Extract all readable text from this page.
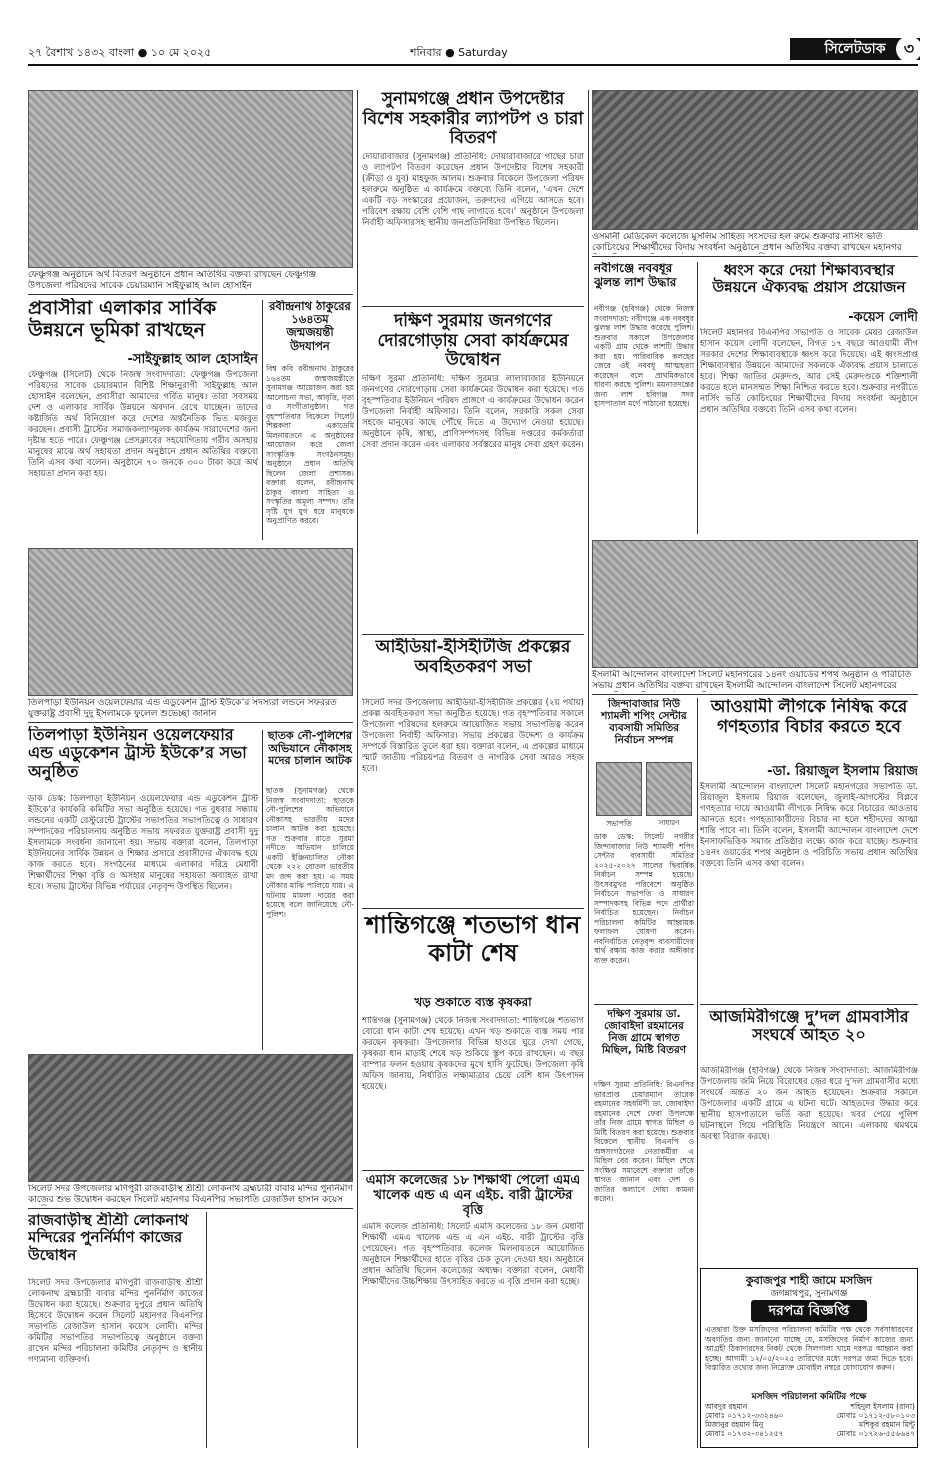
২৭ বৈশাখ ১৪৩২ বাংলা ● ১০ মে ২০২৫	শনিবার ● Saturday	সিলেটডাক	৩
ফেঞ্চুগঞ্জ অনুষ্ঠানে অর্থ বিতরণ অনুষ্ঠানে প্রধান অতিথির বক্তব্য রাখছেন ফেঞ্চুগঞ্জ উপজেলা পরিষদের সাবেক চেয়ারম্যান সাইফুল্লাহ আল হোসাইন
প্রবাসীরা এলাকার সার্বিক উন্নয়নে ভূমিকা রাখছেন
-সাইফুল্লাহ আল হোসাইন
ফেঞ্চুগঞ্জ (সিলেট) থেকে নিজস্ব সংবাদদাতা: ফেঞ্চুগঞ্জ উপজেলা পরিষদের সাবেক চেয়ারম্যান বিশিষ্ট শিক্ষানুরাগী সাইফুল্লাহ আল হোসাইন বলেছেন, প্রবাসীরা আমাদের গর্বিত মানুষ। তারা সবসময় দেশ ও এলাকার সার্বিক উন্নয়নে অবদান রেখে যাচ্ছেন। তাদের কষ্টার্জিত অর্থ বিনিয়োগ করে দেশের অর্থনৈতিক ভিত মজবুত করছেন। প্রবাসী ট্রাস্টের সমাজকল্যাণমূলক কার্যক্রম সারাদেশের জন্য দৃষ্টান্ত হতে পারে। ফেঞ্চুগঞ্জ প্রেসক্লাবের সহযোগিতায় গরীব অসহায় মানুষের মাঝে অর্থ সহায়তা প্রদান অনুষ্ঠানে প্রধান অতিথির বক্তব্যে তিনি এসব কথা বলেন। অনুষ্ঠানে ৭০ জনকে ৩০০ টাকা করে অর্থ সহায়তা প্রদান করা হয়।
তিলপাড়া ইউনিয়ন ওয়েলফেয়ার এন্ড এডুকেশন ট্রাস্ট ইউকে’র সদস্যরা লন্ডনে সফররত যুক্তরাষ্ট্র প্রবাসী দুদু ইসলামকে ফুলেল শুভেচ্ছা জানান
তিলপাড়া ইউনিয়ন ওয়েলফেয়ার এন্ড এডুকেশন ট্রাস্ট ইউকে’র সভা অনুষ্ঠিত
ডাক ডেস্ক: তিলপাড়া ইউনিয়ন ওয়েলফেয়ার এন্ড এডুকেশন ট্রাস্ট ইউকে’র কার্যকরি কমিটির সভা অনুষ্ঠিত হয়েছে। গত বুধবার সন্ধ্যায় লন্ডনের একটি রেস্টুরেন্টে ট্রাস্টের সভাপতির সভাপতিত্বে ও সাধারণ সম্পাদকের পরিচালনায় অনুষ্ঠিত সভায় সফররত যুক্তরাষ্ট্র প্রবাসী দুদু ইসলামকে সংবর্ধনা জানানো হয়। সভায় বক্তারা বলেন, তিলপাড়া ইউনিয়নের সার্বিক উন্নয়ন ও শিক্ষার প্রসারে প্রবাসীদের ঐক্যবদ্ধ হয়ে কাজ করতে হবে। সংগঠনের মাধ্যমে এলাকার দরিদ্র মেধাবী শিক্ষার্থীদের শিক্ষা বৃত্তি ও অসহায় মানুষের সহায়তা অব্যাহত রাখা হবে। সভায় ট্রাস্টের বিভিন্ন পর্যায়ের নেতৃবৃন্দ উপস্থিত ছিলেন।
সিলেট সদর উপজেলার মণিপুরী রাজবাড়ীস্থ শ্রীশ্রী লোকনাথ ব্রহ্মচারী বাবার মন্দির পুনর্নির্মাণ কাজের শুভ উদ্বোধন করছেন সিলেট মহানগর বিএনপির সভাপতি রেজাউল হাসান কয়েস
রাজবাড়ীস্থ শ্রীশ্রী লোকনাথ মন্দিরের পুনর্নির্মাণ কাজের উদ্বোধন
সিলেট সদর উপজেলার মণিপুরী রাজবাড়ীস্থ শ্রীশ্রী লোকনাথ ব্রহ্মচারী বাবার মন্দির পুনর্নির্মাণ কাজের উদ্বোধন করা হয়েছে। শুক্রবার দুপুরে প্রধান অতিথি হিসেবে উদ্বোধন করেন সিলেট মহানগর বিএনপির সভাপতি রেজাউল হাসান কয়েস লোদী। মন্দির কমিটির সভাপতির সভাপতিত্বে অনুষ্ঠানে বক্তব্য রাখেন মন্দির পরিচালনা কমিটির নেতৃবৃন্দ ও স্থানীয় গণ্যমান্য ব্যক্তিবর্গ।
রবীন্দ্রনাথ ঠাকুরের ১৬৪তম জন্মজয়ন্তী উদযাপন
বিশ্ব কবি রবীন্দ্রনাথ ঠাকুরের ১৬৪তম জন্মজয়ন্তীতে সুনামগঞ্জ আয়োজন করা হয় আলোচনা সভা, আবৃত্তি, নৃত্য ও সংগীতানুষ্ঠান। গত বৃহস্পতিবার বিকেলে সিলেট শিল্পকলা একাডেমি মিলনায়তনে এ অনুষ্ঠানের আয়োজন করে জেলা সাংস্কৃতিক সংগঠনসমূহ। অনুষ্ঠানে প্রধান অতিথি ছিলেন জেলা প্রশাসক। বক্তারা বলেন, রবীন্দ্রনাথ ঠাকুর বাংলা সাহিত্য ও সংস্কৃতির অমূল্য সম্পদ। তাঁর সৃষ্টি যুগ যুগ ধরে মানুষকে অনুপ্রাণিত করবে।
ছাতক নৌ-পুলিশের অভিযানে নৌকাসহ মদের চালান আটক
ছাতক (সুনামগঞ্জ) থেকে নিজস্ব সংবাদদাতা: ছাতকে নৌ-পুলিশের অভিযানে নৌকাসহ ভারতীয় মদের চালান আটক করা হয়েছে। গত শুক্রবার রাতে সুরমা নদীতে অভিযান চালিয়ে একটি ইঞ্জিনচালিত নৌকা থেকে ২২২ বোতল ভারতীয় মদ জব্দ করা হয়। এ সময় নৌকার মাঝি পালিয়ে যায়। এ ঘটনায় মামলা দায়ের করা হয়েছে বলে জানিয়েছে নৌ-পুলিশ।
সুনামগঞ্জে প্রধান উপদেষ্টার বিশেষ সহকারীর ল্যাপটপ ও চারা বিতরণ
দোয়ারাবাজার (সুনামগঞ্জ) প্রতিনিধি: দোয়ারাবাজারে গাছের চারা ও ল্যাপটপ বিতরণ করেছেন প্রধান উপদেষ্টার বিশেষ সহকারী (ক্রীড়া ও যুব) মাহফুজ আলম। শুক্রবার বিকেলে উপজেলা পরিষদ হলরুমে অনুষ্ঠিত এ কার্যক্রমে বক্তব্যে তিনি বলেন, ‘এখন দেশে একটি বড় সংস্কারের প্রয়োজন, তরুণদের এগিয়ে আসতে হবে। পরিবেশ রক্ষায় বেশি বেশি গাছ লাগাতে হবে।’ অনুষ্ঠানে উপজেলা নির্বাহী অফিসারসহ স্থানীয় জনপ্রতিনিধিরা উপস্থিত ছিলেন।
দক্ষিণ সুরমায় জনগণের দোরগোড়ায় সেবা কার্যক্রমের উদ্বোধন
দক্ষিণ সুরমা প্রতিনিধি: দক্ষিণ সুরমার লালাবাজার ইউনিয়নে জনগণের দোরগোড়ায় সেবা কার্যক্রমের উদ্বোধন করা হয়েছে। গত বৃহস্পতিবার ইউনিয়ন পরিষদ প্রাঙ্গণে এ কার্যক্রমের উদ্বোধন করেন উপজেলা নির্বাহী অফিসার। তিনি বলেন, সরকারি সকল সেবা সহজে মানুষের কাছে পৌঁছে দিতে এ উদ্যোগ নেওয়া হয়েছে। অনুষ্ঠানে কৃষি, স্বাস্থ্য, প্রাণিসম্পদসহ বিভিন্ন দপ্তরের কর্মকর্তারা সেবা প্রদান করেন এবং এলাকার সর্বস্তরের মানুষ সেবা গ্রহণ করেন।
আইডিয়া-ইসিইটিজি প্রকল্পের অবহিতকরণ সভা
সিলেট সদর উপজেলায় আইডিয়া-ইসিইটিজি প্রকল্পের (২য় পর্যায়) প্রকল্প অবহিতকরণ সভা অনুষ্ঠিত হয়েছে। গত বৃহস্পতিবার সকালে উপজেলা পরিষদের হলরুমে আয়োজিত সভায় সভাপতিত্ব করেন উপজেলা নির্বাহী অফিসার। সভায় প্রকল্পের উদ্দেশ্য ও কার্যক্রম সম্পর্কে বিস্তারিত তুলে ধরা হয়। বক্তারা বলেন, এ প্রকল্পের মাধ্যমে স্মার্ট জাতীয় পরিচয়পত্র বিতরণ ও নাগরিক সেবা আরও সহজ হবে।
শান্তিগঞ্জে শতভাগ ধান কাটা শেষ
খড় শুকাতে ব্যস্ত কৃষকরা
শান্তিগঞ্জ (সুনামগঞ্জ) থেকে নিজস্ব সংবাদদাতা: শান্তিগঞ্জে শতভাগ বোরো ধান কাটা শেষ হয়েছে। এখন খড় শুকাতে ব্যস্ত সময় পার করছেন কৃষকরা। উপজেলার বিভিন্ন হাওরে ঘুরে দেখা গেছে, কৃষকরা ধান মাড়াই শেষে খড় শুকিয়ে স্তূপ করে রাখছেন। এ বছর বাম্পার ফলন হওয়ায় কৃষকদের মুখে হাসি ফুটেছে। উপজেলা কৃষি অফিস জানায়, নির্ধারিত লক্ষ্যমাত্রার চেয়ে বেশি ধান উৎপাদন হয়েছে।
এমসি কলেজের ১৮ শিক্ষার্থী পেলো এমএ খালেক এন্ড এ এন এইচ. বারী ট্রাস্টের বৃত্তি
এমসি কলেজ প্রতিনিধি: সিলেট এমসি কলেজের ১৮ জন মেধাবী শিক্ষার্থী এমএ খালেক এন্ড এ এন এইচ. বারী ট্রাস্টের বৃত্তি পেয়েছেন। গত বৃহস্পতিবার কলেজ মিলনায়তনে আয়োজিত অনুষ্ঠানে শিক্ষার্থীদের হাতে বৃত্তির চেক তুলে দেওয়া হয়। অনুষ্ঠানে প্রধান অতিথি ছিলেন কলেজের অধ্যক্ষ। বক্তারা বলেন, মেধাবী শিক্ষার্থীদের উচ্চশিক্ষায় উৎসাহিত করতে এ বৃত্তি প্রদান করা হচ্ছে।
ওসমানী মেডিকেল কলেজে মুসলিম সাহিত্য সংসদের হল রুমে শুক্রবার নার্সিং ভর্তি কোচিংয়ের শিক্ষার্থীদের বিদায় সংবর্ধনা অনুষ্ঠানে প্রধান অতিথির বক্তব্য রাখছেন মহানগর
নবীগঞ্জে নববধূর ঝুলন্ত লাশ উদ্ধার
নবীগঞ্জ (হবিগঞ্জ) থেকে নিজস্ব সংবাদদাতা: নবীগঞ্জে এক নববধূর ঝুলন্ত লাশ উদ্ধার করেছে পুলিশ। শুক্রবার সকালে উপজেলার একটি গ্রাম থেকে লাশটি উদ্ধার করা হয়। পারিবারিক কলহের জেরে ওই নববধূ আত্মহত্যা করেছেন বলে প্রাথমিকভাবে ধারণা করছে পুলিশ। ময়নাতদন্তের জন্য লাশ হবিগঞ্জ সদর হাসপাতাল মর্গে পাঠানো হয়েছে।
ইসলামী আন্দোলন বাংলাদেশ সিলেট মহানগরের ১৪নং ওয়ার্ডের শপথ অনুষ্ঠান ও পরিচিতি সভায় প্রধান অতিথির বক্তব্য রাখছেন ইসলামী আন্দোলন বাংলাদেশ সিলেট মহানগরের
জিন্দাবাজার নিউ শ্যামলী শপিং সেন্টার ব্যবসায়ী সমিতির নির্বাচন সম্পন্ন
সভাপতি	সাধারণ
ডাক ডেস্ক: সিলেট নগরীর জিন্দাবাজার নিউ শ্যামলী শপিং সেন্টার ব্যবসায়ী সমিতির ২০২৫-২০২৭ সালের দ্বিবার্ষিক নির্বাচন সম্পন্ন হয়েছে। উৎসবমুখর পরিবেশে অনুষ্ঠিত নির্বাচনে সভাপতি ও সাধারণ সম্পাদকসহ বিভিন্ন পদে প্রার্থীরা নির্বাচিত হয়েছেন। নির্বাচন পরিচালনা কমিটির আহ্বায়ক ফলাফল ঘোষণা করেন। নবনির্বাচিত নেতৃবৃন্দ ব্যবসায়ীদের স্বার্থ রক্ষায় কাজ করার অঙ্গীকার ব্যক্ত করেন।
দক্ষিণ সুরমায় ডা. জোবাইদা রহমানের নিজ গ্রামে স্বাগত মিছিল, মিষ্টি বিতরণ
দক্ষিণ সুরমা প্রতিনিধি: বিএনপির ভারপ্রাপ্ত চেয়ারম্যান তারেক রহমানের সহধর্মিণী ডা. জোবাইদা রহমানের দেশে ফেরা উপলক্ষে তাঁর নিজ গ্রামে স্বাগত মিছিল ও মিষ্টি বিতরণ করা হয়েছে। শুক্রবার বিকেলে স্থানীয় বিএনপি ও অঙ্গসংগঠনের নেতাকর্মীরা এ মিছিল বের করেন। মিছিল শেষে সংক্ষিপ্ত সমাবেশে বক্তারা তাঁকে স্বাগত জানান এবং দেশ ও জাতির কল্যাণে দোয়া কামনা করেন।
ধ্বংস করে দেয়া শিক্ষাব্যবস্থার উন্নয়নে ঐক্যবদ্ধ প্রয়াস প্রয়োজন
-কয়েস লোদী
সিলেট মহানগর বিএনপির সভাপতি ও সাবেক মেয়র রেজাউল হাসান কয়েস লোদী বলেছেন, বিগত ১৭ বছরে আওয়ামী লীগ সরকার দেশের শিক্ষাব্যবস্থাকে ধ্বংস করে দিয়েছে। এই ধ্বংসপ্রাপ্ত শিক্ষাব্যবস্থার উন্নয়নে আমাদের সকলকে ঐক্যবদ্ধ প্রয়াস চালাতে হবে। শিক্ষা জাতির মেরুদণ্ড, আর সেই মেরুদণ্ডকে শক্তিশালী করতে হলে মানসম্মত শিক্ষা নিশ্চিত করতে হবে। শুক্রবার নগরীতে নার্সিং ভর্তি কোচিংয়ের শিক্ষার্থীদের বিদায় সংবর্ধনা অনুষ্ঠানে প্রধান অতিথির বক্তব্যে তিনি এসব কথা বলেন।
আওয়ামী লীগকে নিষিদ্ধ করে গণহত্যার বিচার করতে হবে
-ডা. রিয়াজুল ইসলাম রিয়াজ
ইসলামী আন্দোলন বাংলাদেশ সিলেট মহানগরের সভাপতি ডা. রিয়াজুল ইসলাম রিয়াজ বলেছেন, জুলাই-আগস্টের বিপ্লবে গণহত্যার দায়ে আওয়ামী লীগকে নিষিদ্ধ করে বিচারের আওতায় আনতে হবে। গণহত্যাকারীদের বিচার না হলে শহীদদের আত্মা শান্তি পাবে না। তিনি বলেন, ইসলামী আন্দোলন বাংলাদেশ দেশে ইনসাফভিত্তিক সমাজ প্রতিষ্ঠার লক্ষ্যে কাজ করে যাচ্ছে। শুক্রবার ১৪নং ওয়ার্ডের শপথ অনুষ্ঠান ও পরিচিতি সভায় প্রধান অতিথির বক্তব্যে তিনি এসব কথা বলেন।
আজমিরীগঞ্জে দু’দল গ্রামবাসীর সংঘর্ষে আহত ২০
আজমিরীগঞ্জ (হবিগঞ্জ) থেকে নিজস্ব সংবাদদাতা: আজমিরীগঞ্জ উপজেলায় জমি নিয়ে বিরোধের জের ধরে দু’দল গ্রামবাসীর মধ্যে সংঘর্ষে অন্তত ২০ জন আহত হয়েছেন। শুক্রবার সকালে উপজেলার একটি গ্রামে এ ঘটনা ঘটে। আহতদের উদ্ধার করে স্থানীয় হাসপাতালে ভর্তি করা হয়েছে। খবর পেয়ে পুলিশ ঘটনাস্থলে গিয়ে পরিস্থিতি নিয়ন্ত্রণে আনে। এলাকায় থমথমে অবস্থা বিরাজ করছে।
কুবাজপুর শাহী জামে মসজিদ
জগন্নাথপুর, সুনামগঞ্জ
দরপত্র বিজ্ঞপ্তি
এতদ্বারা উক্ত মসজিদের পরিচালনা কমিটির পক্ষ থেকে সর্বসাধারণের অবগতির জন্য জানানো যাচ্ছে যে, মসজিদের নির্মাণ কাজের জন্য আগ্রহী ঠিকাদারদের নিকট থেকে সিলগালা খামে দরপত্র আহ্বান করা হচ্ছে। আগামী ১২/০৫/২০২৫ তারিখের মধ্যে দরপত্র জমা দিতে হবে। বিস্তারিত তথ্যের জন্য নিম্নোক্ত মোবাইল নম্বরে যোগাযোগ করুন।
মসজিদ পরিচালনা কমিটির পক্ষে
আবদুর রহমান
মোবাঃ ০১৭১২-৩৩২৪৬০
মিজানুর রহমান মিনু
মোবাঃ ০১৭৩২-৩৪১২৫৭
শহিদুল ইসলাম (রানা)
মোবাঃ ০১৭১২-৫৮০১০৩
মশিকুর রহমান মিন্টু
মোবাঃ ০১৭২৬-৫৫৬৬৪৭
